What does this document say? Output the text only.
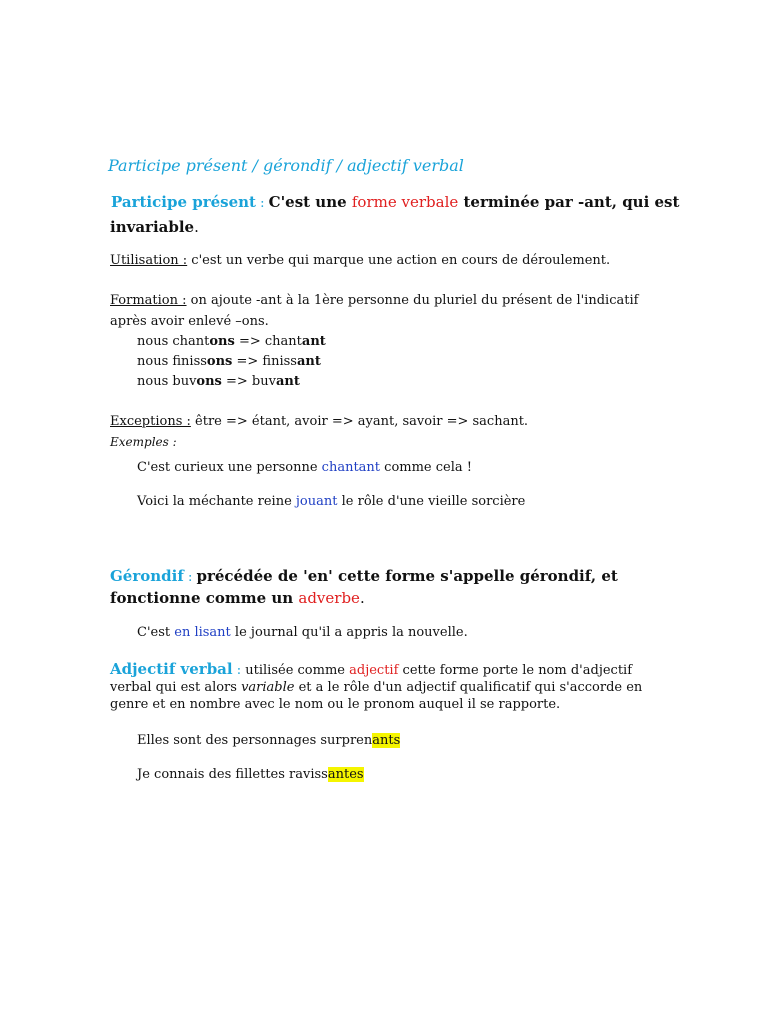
Participe présent / gérondif / adjectif verbal
Participe présent : C'est une forme verbale terminée par -ant, qui est
invariable.
Utilisation : c'est un verbe qui marque une action en cours de déroulement.
Formation : on ajoute -ant à la 1ère personne du pluriel du présent de l'indicatif
après avoir enlevé –ons.
nous chantons => chantant
nous finissons => finissant
nous buvons => buvant
Exceptions : être => étant, avoir => ayant, savoir => sachant.
Exemples :
C'est curieux une personne chantant comme cela !
Voici la méchante reine jouant le rôle d'une vieille sorcière
Gérondif : précédée de 'en' cette forme s'appelle gérondif, et
fonctionne comme un adverbe.
C'est en lisant le journal qu'il a appris la nouvelle.
Adjectif verbal : utilisée comme adjectif cette forme porte le nom d'adjectif
verbal qui est alors variable et a le rôle d'un adjectif qualificatif qui s'accorde en
genre et en nombre avec le nom ou le pronom auquel il se rapporte.
Elles sont des personnages surprenants
Je connais des fillettes ravissantes
